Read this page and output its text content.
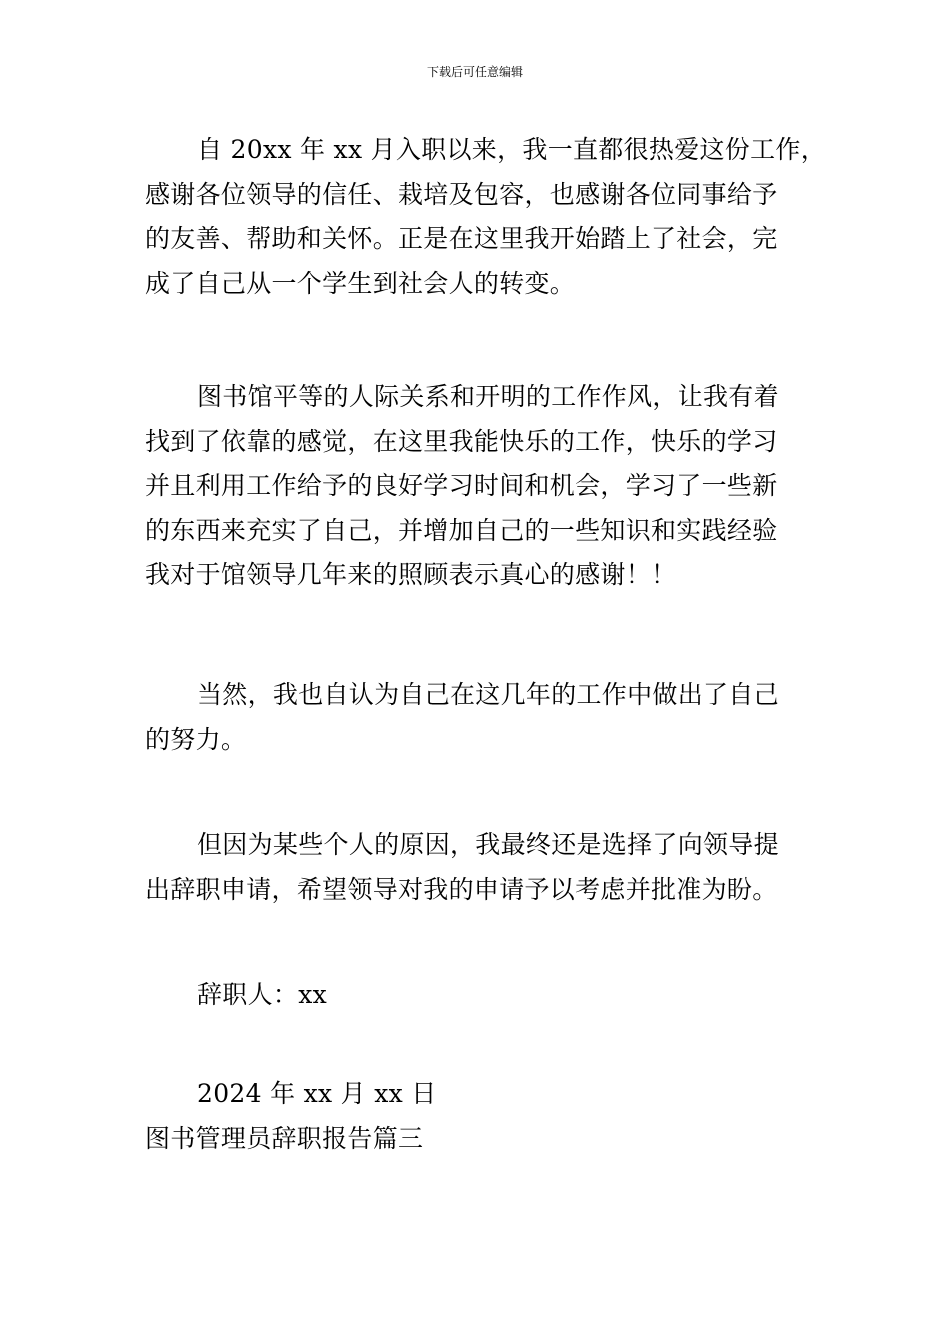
下载后可任意编辑
自 20xx 年 xx 月入职以来，我一直都很热爱这份工作，
感谢各位领导的信任、栽培及包容，也感谢各位同事给予
的友善、帮助和关怀。正是在这里我开始踏上了社会，完
成了自己从一个学生到社会人的转变。
图书馆平等的人际关系和开明的工作作风，让我有着
找到了依靠的感觉，在这里我能快乐的工作，快乐的学习
并且利用工作给予的良好学习时间和机会，学习了一些新
的东西来充实了自己，并增加自己的一些知识和实践经验
我对于馆领导几年来的照顾表示真心的感谢！！
当然，我也自认为自己在这几年的工作中做出了自己
的努力。
但因为某些个人的原因，我最终还是选择了向领导提
出辞职申请，希望领导对我的申请予以考虑并批准为盼。
辞职人：xx
2024 年 xx 月 xx 日
图书管理员辞职报告篇三
